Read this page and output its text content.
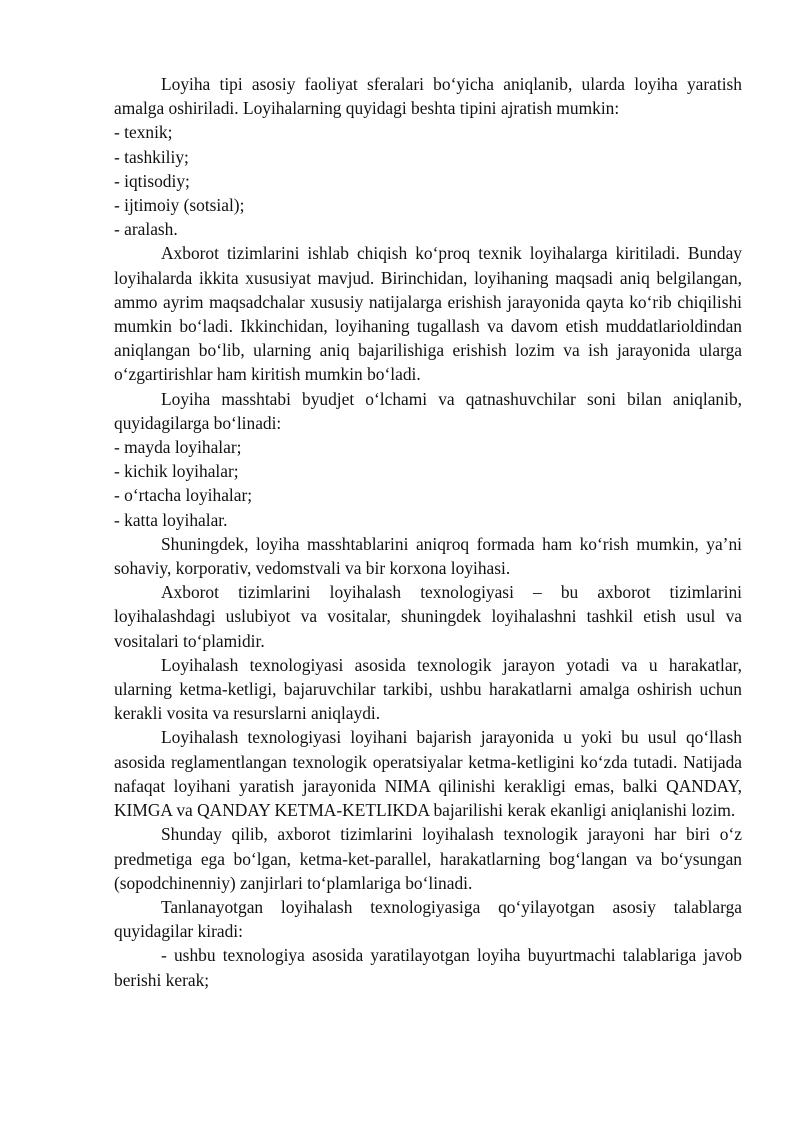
Loyiha tipi asosiy faoliyat sferalari bo‘yicha aniqlanib, ularda loyiha yaratish amalga oshiriladi. Loyihalarning quyidagi beshta tipini ajratish mumkin:

- texnik;

- tashkiliy;

- iqtisodiy;

- ijtimoiy (sotsial);

- aralash.

Axborot tizimlarini ishlab chiqish ko‘proq texnik loyihalarga kiritiladi. Bunday loyihalarda ikkita xususiyat mavjud. Birinchidan, loyihaning maqsadi aniq belgilangan, ammo ayrim maqsadchalar xususiy natijalarga erishish jarayonida qayta ko‘rib chiqilishi mumkin bo‘ladi. Ikkinchidan, loyihaning tugallash va davom etish muddatlarioldindan aniqlangan bo‘lib, ularning aniq bajarilishiga erishish lozim va ish jarayonida ularga o‘zgartirishlar ham kiritish mumkin bo‘ladi.

Loyiha masshtabi byudjet o‘lchami va qatnashuvchilar soni bilan aniqlanib, quyidagilarga bo‘linadi:

- mayda loyihalar;

- kichik loyihalar;

- o‘rtacha loyihalar;

- katta loyihalar.

Shuningdek, loyiha masshtablarini aniqroq formada ham ko‘rish mumkin, ya’ni sohaviy, korporativ, vedomstvali va bir korxona loyihasi.

Axborot tizimlarini loyihalash texnologiyasi – bu axborot tizimlarini loyihalashdagi uslubiyot va vositalar, shuningdek loyihalashni tashkil etish usul va vositalari to‘plamidir.

Loyihalash texnologiyasi asosida texnologik jarayon yotadi va u harakatlar, ularning ketma-ketligi, bajaruvchilar tarkibi, ushbu harakatlarni amalga oshirish uchun kerakli vosita va resurslarni aniqlaydi.

Loyihalash texnologiyasi loyihani bajarish jarayonida u yoki bu usul qo‘llash asosida reglamentlangan texnologik operatsiyalar ketma-ketligini ko‘zda tutadi. Natijada nafaqat loyihani yaratish jarayonida NIMA qilinishi kerakligi emas, balki QANDAY, KIMGA va QANDAY KETMA-KETLIKDA bajarilishi kerak ekanligi aniqlanishi lozim.

Shunday qilib, axborot tizimlarini loyihalash texnologik jarayoni har biri o‘z predmetiga ega bo‘lgan, ketma-ket-parallel, harakatlarning bog‘langan va bo‘ysungan (sopodchinenniy) zanjirlari to‘plamlariga bo‘linadi.

Tanlanayotgan loyihalash texnologiyasiga qo‘yilayotgan asosiy talablarga quyidagilar kiradi:

- ushbu texnologiya asosida yaratilayotgan loyiha buyurtmachi talablariga javob berishi kerak;
